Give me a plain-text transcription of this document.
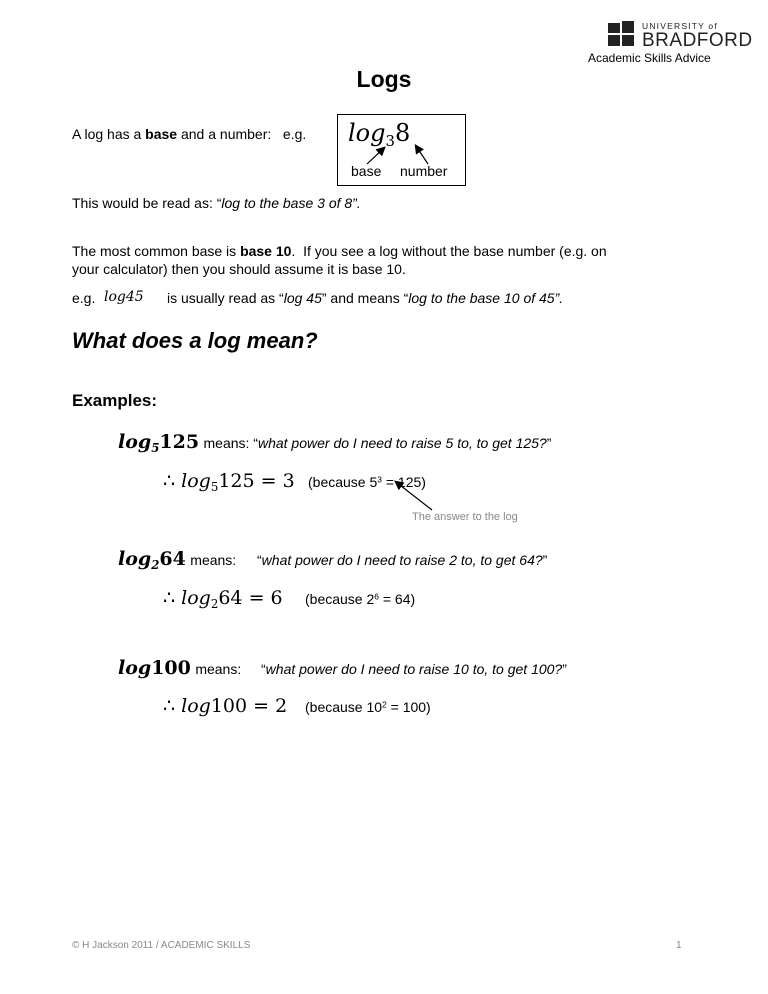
UNIVERSITY of
BRADFORD
Academic Skills Advice
Logs
A log has a base and a number:   e.g. $\log_38$
base number
This would be read as: “log to the base 3 of 8”.
The most common base is base 10.  If you see a log without the base number (e.g. on
your calculator) then you should assume it is base 10.
e.g. log45 is usually read as “log 45” and means “log to the base 10 of 45”.
What does a log mean?
Examples:
$\log_5125$ means: “what power do I need to raise 5 to, to get 125?”
∴ $\log_5125 = 3$ (because $5^3 = 125$)
The answer to the log
$\log_264$ means: “what power do I need to raise 2 to, to get 64?”
∴ $\log_264 = 6$ (because $2^6 = 64$)
log100 means: “what power do I need to raise 10 to, to get 100?”
∴ log100 = 2 (because $10^2 = 100$)
© H Jackson 2011 / ACADEMIC SKILLS	1
